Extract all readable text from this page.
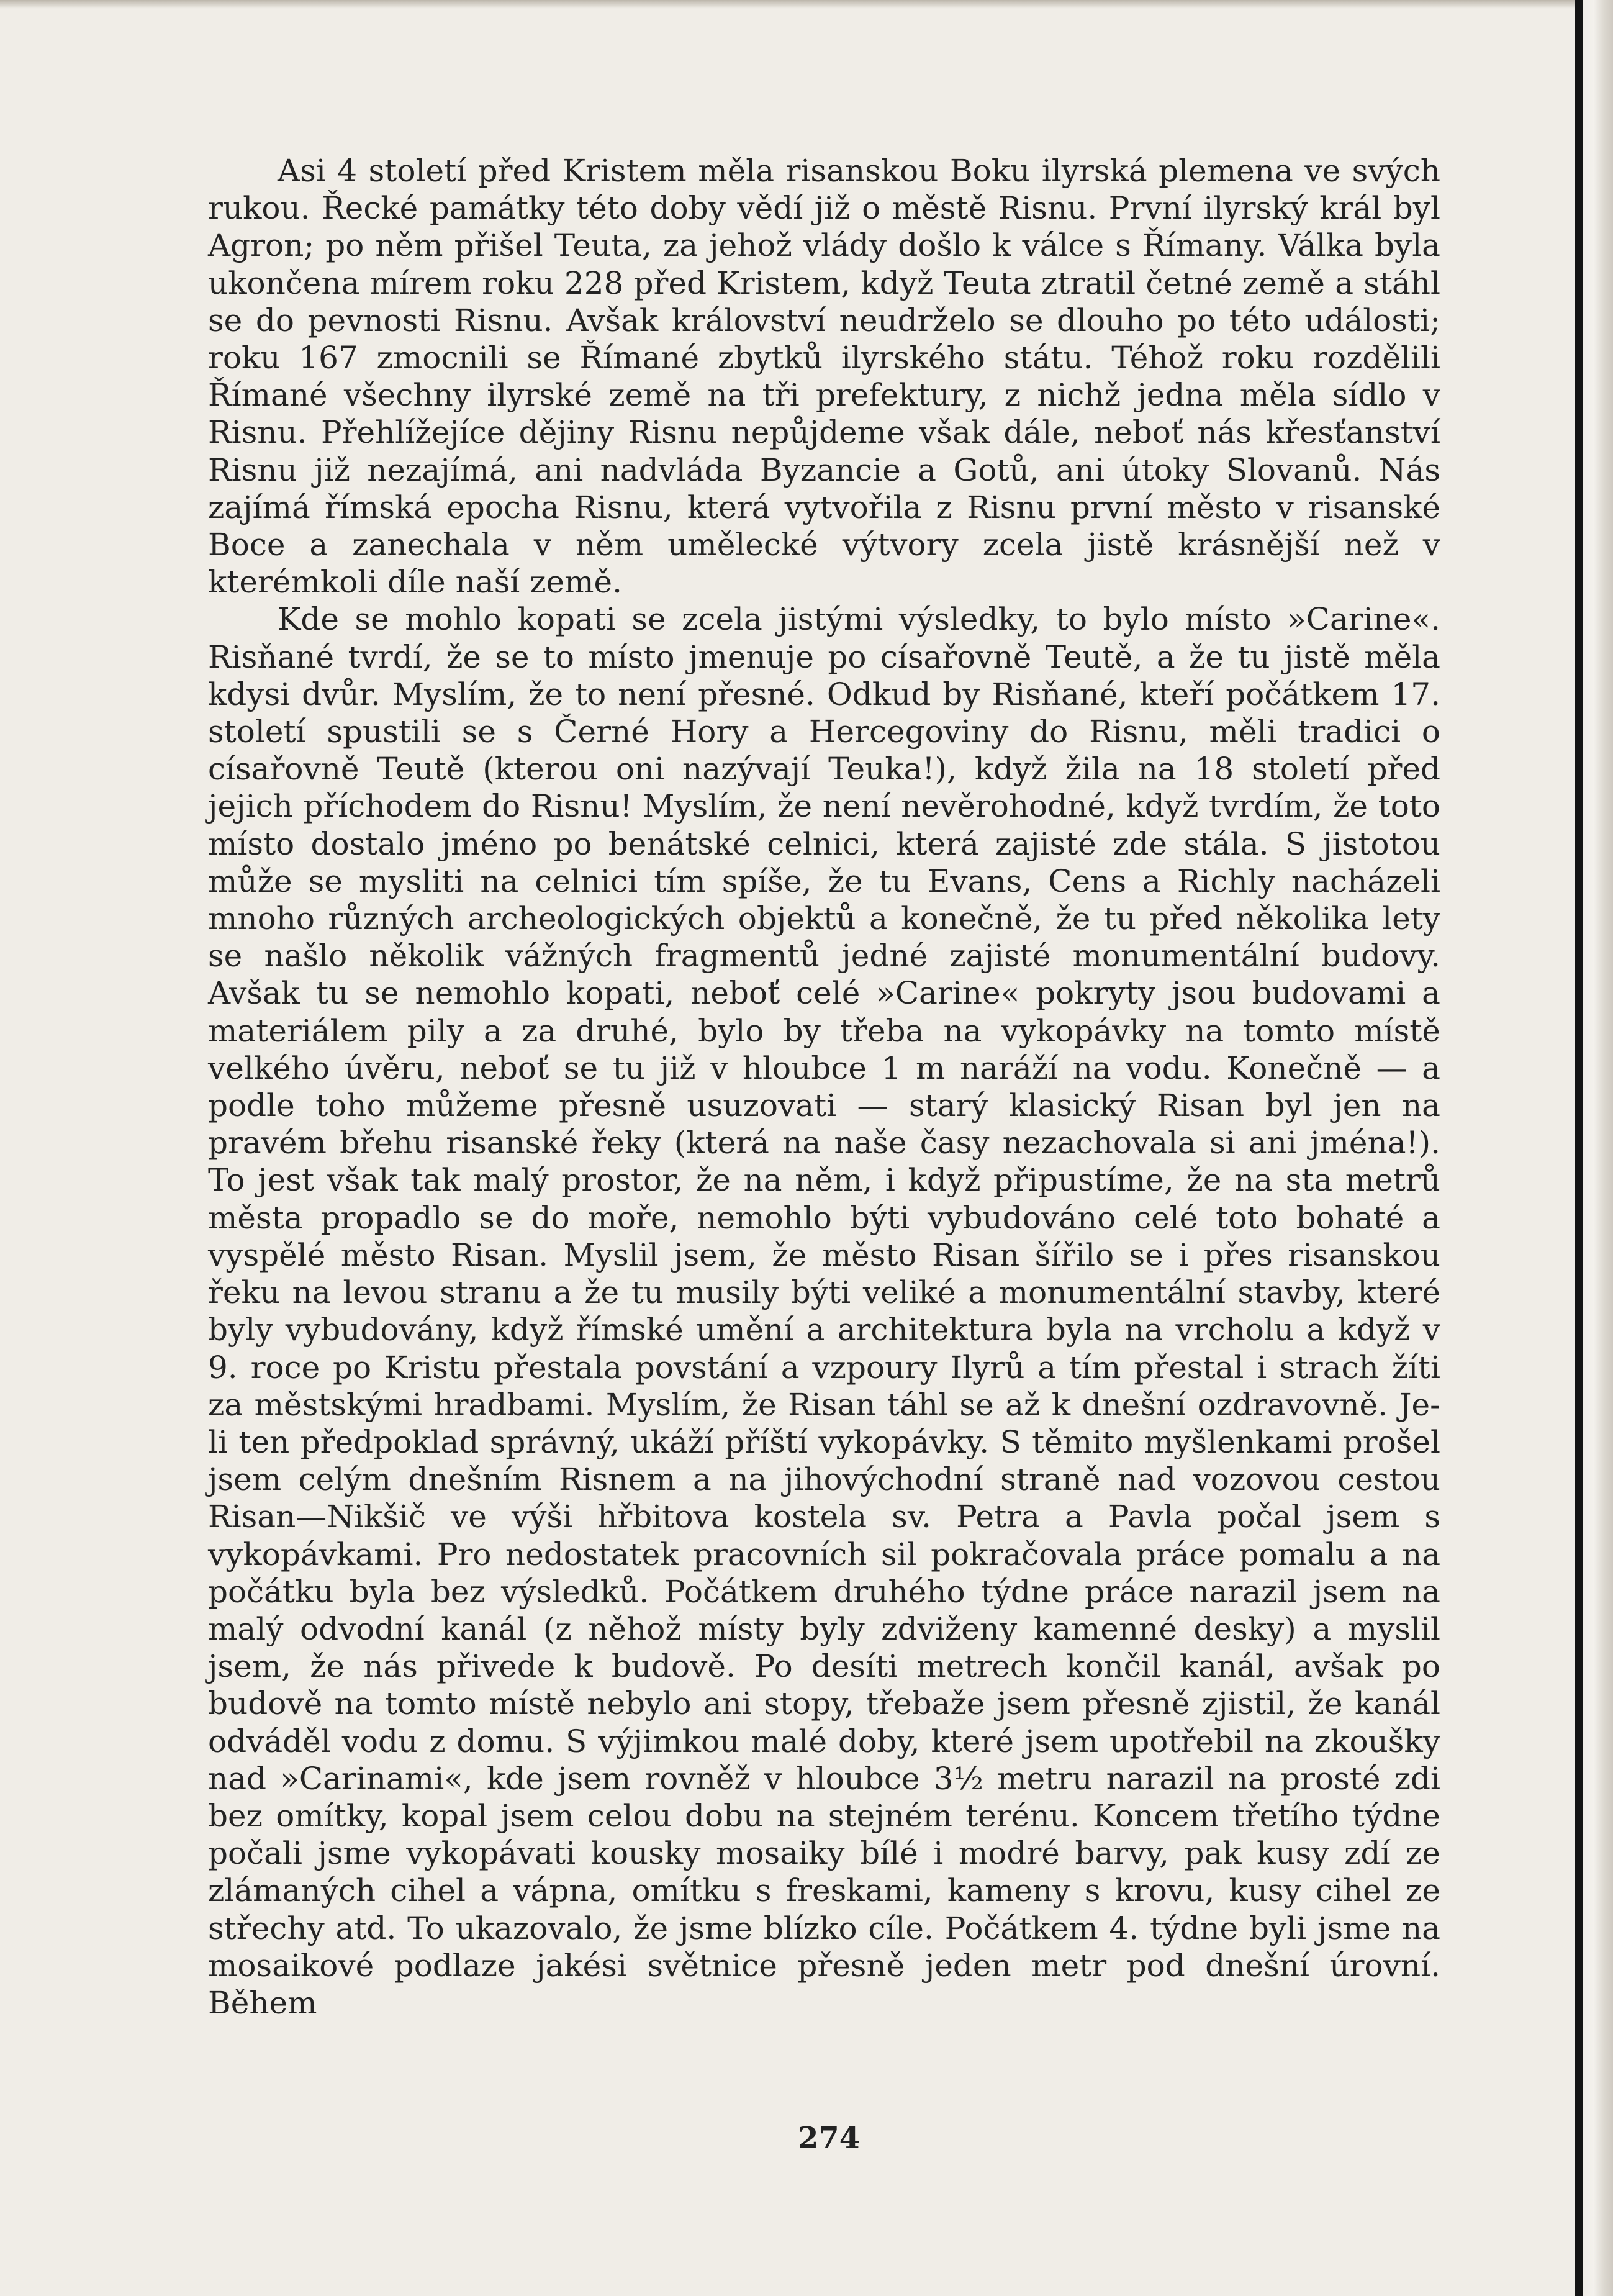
Asi 4 století před Kristem měla risanskou Boku ilyrská plemena ve svých rukou. Řecké památky této doby vědí již o městě Risnu. První ilyrský král byl Agron; po něm přišel Teuta, za jehož vlády došlo k válce s Římany. Válka byla ukončena mírem roku 228 před Kristem, když Teuta ztratil četné země a stáhl se do pevnosti Risnu. Avšak království neudrželo se dlouho po této události; roku 167 zmocnili se Římané zbytků ilyrského státu. Téhož roku rozdělili Římané všechny ilyrské země na tři prefektury, z nichž jedna měla sídlo v Risnu. Přehlížejíce dějiny Risnu nepůjdeme však dále, neboť nás křesťanství Risnu již nezajímá, ani nadvláda Byzancie a Gotů, ani útoky Slovanů. Nás zajímá římská epocha Risnu, která vytvořila z Risnu první město v risanské Boce a zanechala v něm umělecké výtvory zcela jistě krásnější než v kterémkoli díle naší země.

Kde se mohlo kopati se zcela jistými výsledky, to bylo místo »Carine«. Risňané tvrdí, že se to místo jmenuje po císařovně Teutě, a že tu jistě měla kdysi dvůr. Myslím, že to není přesné. Odkud by Risňané, kteří počátkem 17. století spustili se s Černé Hory a Hercegoviny do Risnu, měli tradici o císařovně Teutě (kterou oni nazývají Teuka!), když žila na 18 století před jejich příchodem do Risnu! Myslím, že není nevěrohodné, když tvrdím, že toto místo dostalo jméno po benátské celnici, která zajisté zde stála. S jistotou může se mysliti na celnici tím spíše, že tu Evans, Cens a Richly nacházeli mnoho různých archeologických objektů a konečně, že tu před několika lety se našlo několik vážných fragmentů jedné zajisté monumentální budovy. Avšak tu se nemohlo kopati, neboť celé »Carine« pokryty jsou budovami a materiálem pily a za druhé, bylo by třeba na vykopávky na tomto místě velkého úvěru, neboť se tu již v hloubce 1 m naráží na vodu. Konečně — a podle toho můžeme přesně usuzovati — starý klasický Risan byl jen na pravém břehu risanské řeky (která na naše časy nezachovala si ani jména!). To jest však tak malý prostor, že na něm, i když připustíme, že na sta metrů města propadlo se do moře, nemohlo býti vybudováno celé toto bohaté a vyspělé město Risan. Myslil jsem, že město Risan šířilo se i přes risanskou řeku na levou stranu a že tu musily býti veliké a monumentální stavby, které byly vybudovány, když římské umění a architektura byla na vrcholu a když v 9. roce po Kristu přestala povstání a vzpoury Ilyrů a tím přestal i strach žíti za městskými hradbami. Myslím, že Risan táhl se až k dnešní ozdravovně. Je-li ten předpoklad správný, ukáží příští vykopávky. S těmito myšlenkami prošel jsem celým dnešním Risnem a na jihovýchodní straně nad vozovou cestou Risan—Nikšič ve výši hřbitova kostela sv. Petra a Pavla počal jsem s vykopávkami. Pro nedostatek pracovních sil pokračovala práce pomalu a na počátku byla bez výsledků. Počátkem druhého týdne práce narazil jsem na malý odvodní kanál (z něhož místy byly zdviženy kamenné desky) a myslil jsem, že nás přivede k budově. Po desíti metrech končil kanál, avšak po budově na tomto místě nebylo ani stopy, třebaže jsem přesně zjistil, že kanál odváděl vodu z domu. S výjimkou malé doby, které jsem upotřebil na zkoušky nad »Carinami«, kde jsem rovněž v hloubce 3½ metru narazil na prosté zdi bez omítky, kopal jsem celou dobu na stejném terénu. Koncem třetího týdne počali jsme vykopávati kousky mosaiky bílé i modré barvy, pak kusy zdí ze zlámaných cihel a vápna, omítku s freskami, kameny s krovu, kusy cihel ze střechy atd. To ukazovalo, že jsme blízko cíle. Počátkem 4. týdne byli jsme na mosaikové podlaze jakési světnice přesně jeden metr pod dnešní úrovní. Během

274
